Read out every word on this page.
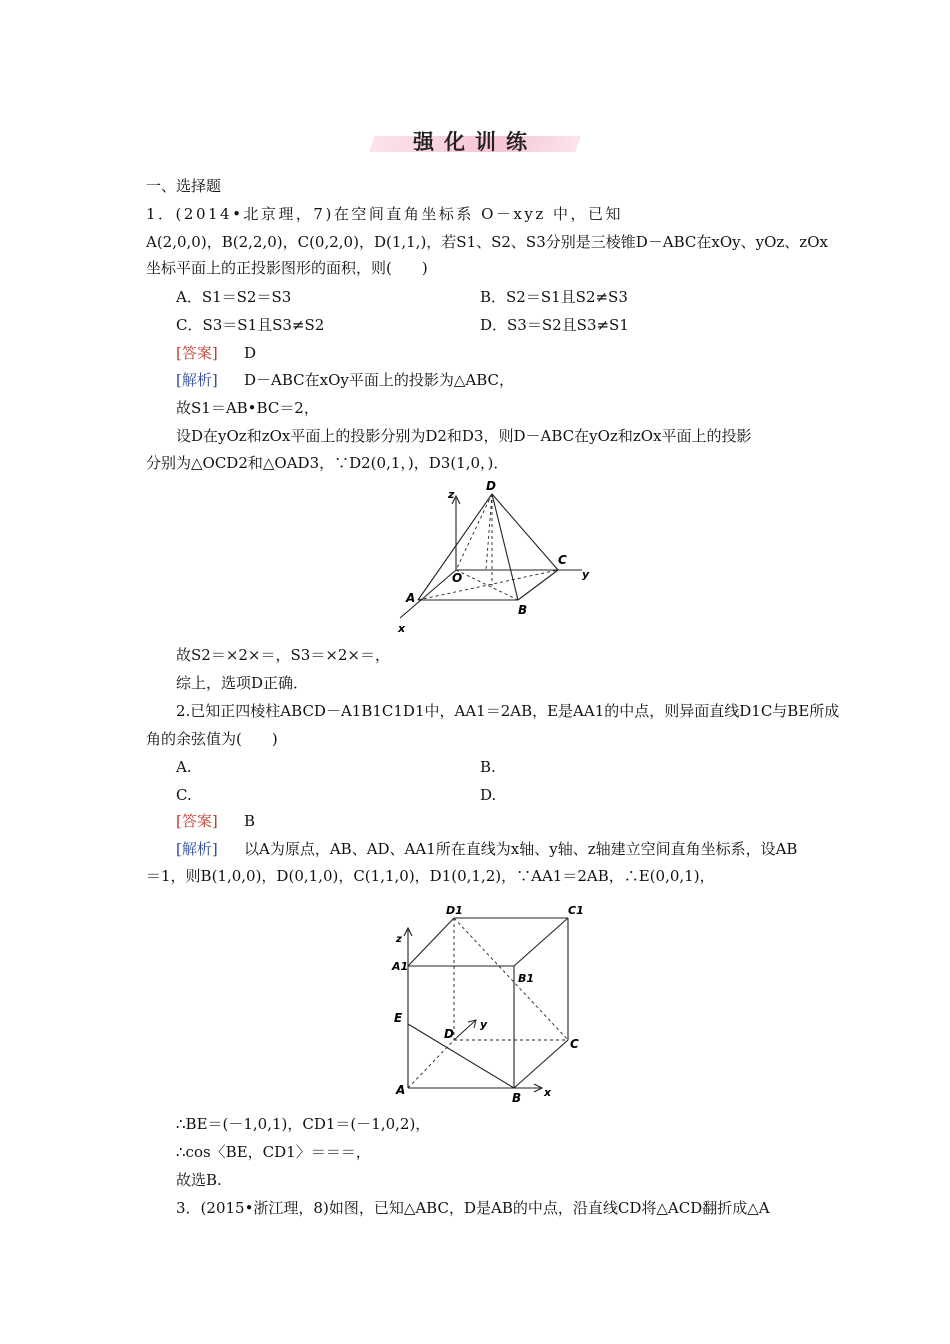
强化训练
一、选择题
1．(2014•北京理，7)在空间直角坐标系 O－xyz 中，已知
A(2,0,0)，B(2,2,0)，C(0,2,0)，D(1,1,)，若S1、S2、S3分别是三棱锥D－ABC在xOy、yOz、zOx
坐标平面上的正投影图形的面积，则(　　)
A．S1＝S2＝S3	B．S2＝S1且S2≠S3
C．S3＝S1且S3≠S2	D．S3＝S2且S3≠S1
[答案] D
[解析] D－ABC在xOy平面上的投影为△ABC，
故S1＝AB•BC＝2，
设D在yOz和zOx平面上的投影分别为D2和D3，则D－ABC在yOz和zOx平面上的投影
分别为△OCD2和△OAD3，∵D2(0,1，)，D3(1,0，)．
z
D
C
y
O
A
B
x
故S2＝×2×＝，S3＝×2×＝，
综上，选项D正确．
2.已知正四棱柱ABCD－A1B1C1D1中，AA1＝2AB，E是AA1的中点，则异面直线D1C与BE所成
角的余弦值为(　　)
A.	B.
C.	D.
[答案] B
[解析] 以A为原点，AB、AD、AA1所在直线为x轴、y轴、z轴建立空间直角坐标系，设AB
＝1，则B(1,0,0)，D(0,1,0)，C(1,1,0)，D1(0,1,2)，∵AA1＝2AB，∴E(0,0,1)，
D1	C1
z
A1
B1
E
D
y
C
A
B x
∴BE＝(－1,0,1)，CD1＝(－1,0,2)，
∴cos〈BE，CD1〉＝＝＝，
故选B.
3．(2015•浙江理，8)如图，已知△ABC，D是AB的中点，沿直线CD将△ACD翻折成△A
